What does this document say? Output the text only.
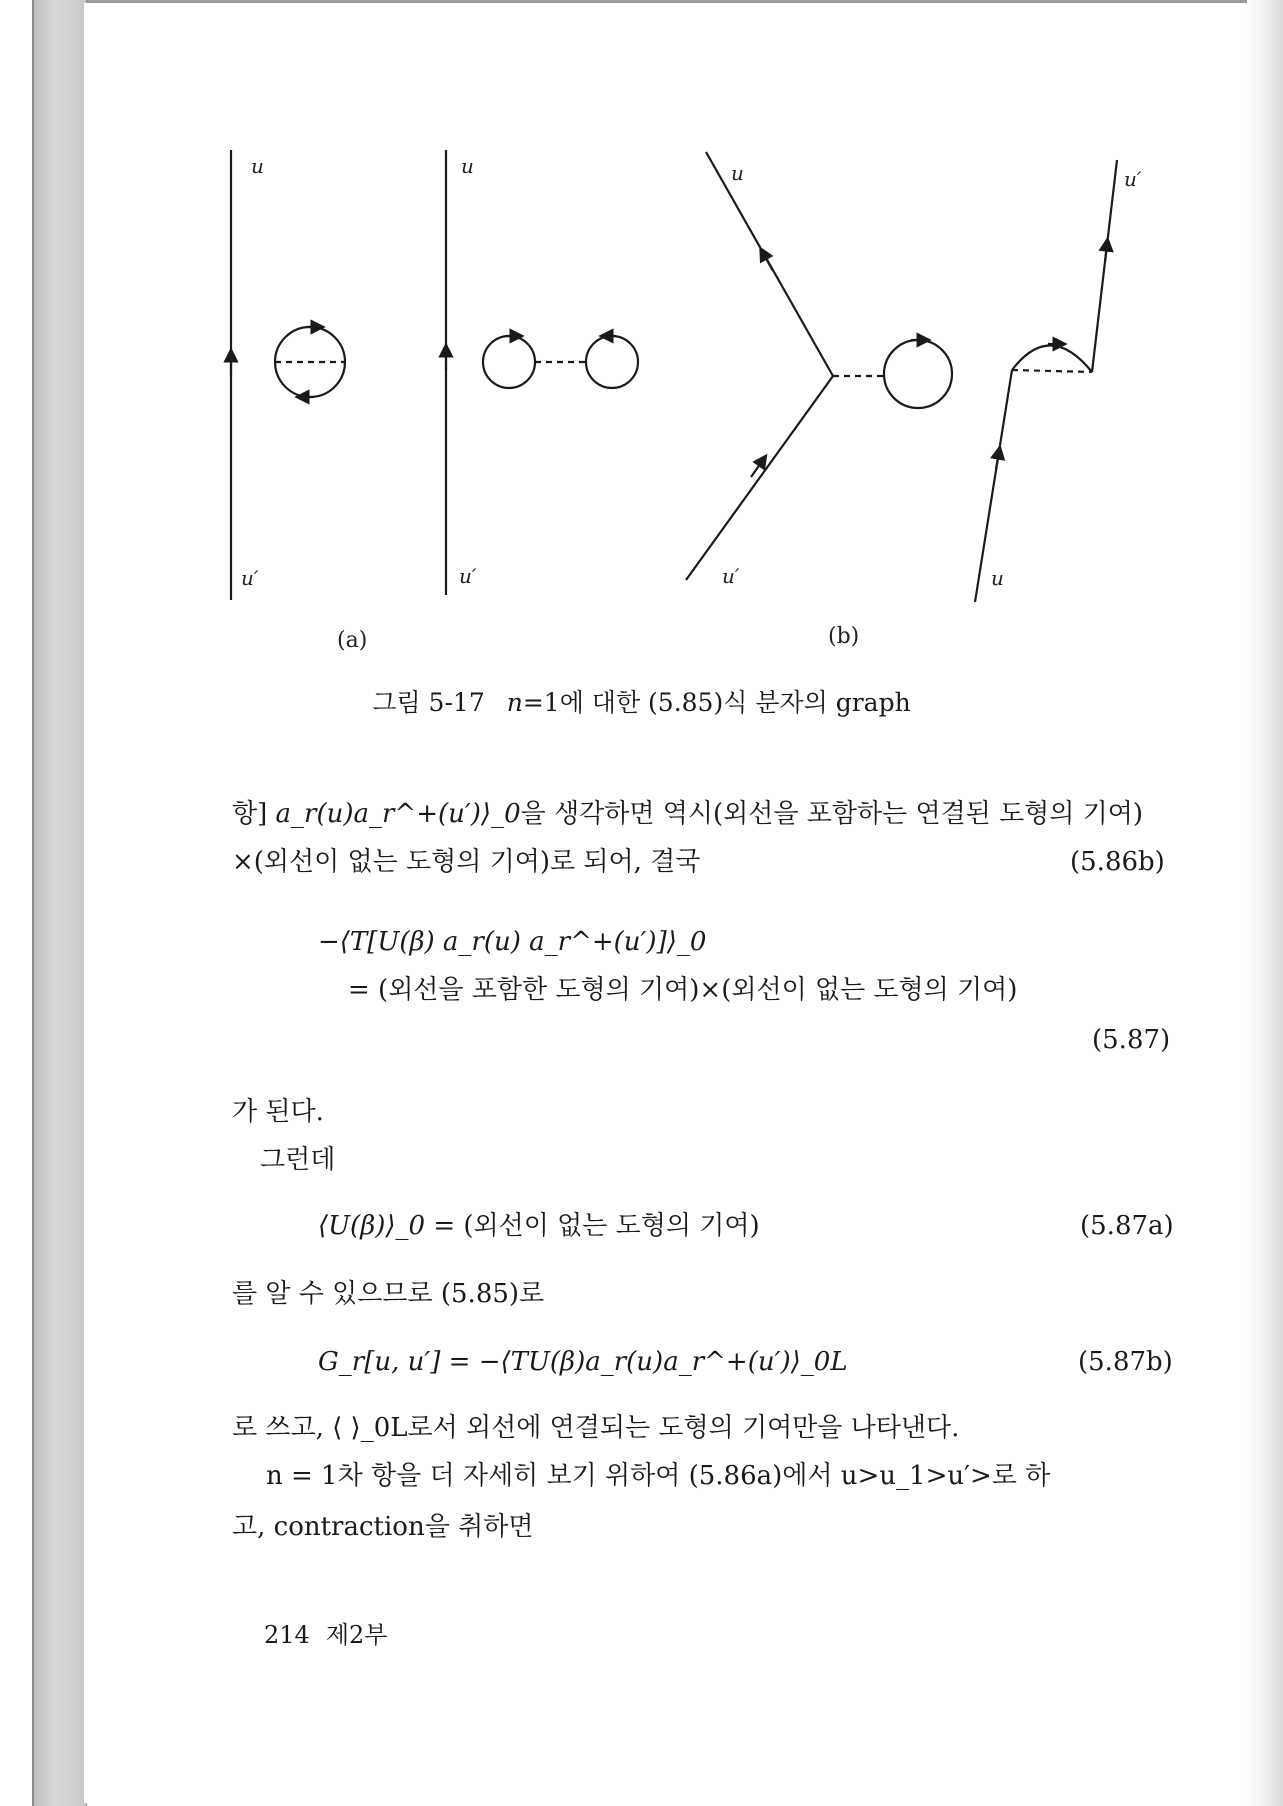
u
u′
u
u′
u
u′
u′
u
(a)	(b)
그림 5-17 n=1에 대한 (5.85)식 분자의 graph
항] a_r(u)a_r^+(u′)⟩_0을 생각하면 역시(외선을 포함하는 연결된 도형의 기여)
×(외선이 없는 도형의 기여)로 되어, 결국	(5.86b)
−⟨T[U(β) a_r(u) a_r^+(u′)]⟩_0
= (외선을 포함한 도형의 기여)×(외선이 없는 도형의 기여)
(5.87)
가 된다.
그런데
⟨U(β)⟩_0 = (외선이 없는 도형의 기여)	(5.87a)
를 알 수 있으므로 (5.85)로
G_r[u, u′] = −⟨TU(β)a_r(u)a_r^+(u′)⟩_0L	(5.87b)
로 쓰고, ⟨ ⟩_0L로서 외선에 연결되는 도형의 기여만을 나타낸다.
n = 1차 항을 더 자세히 보기 위하여 (5.86a)에서 u>u_1>u′>로 하
고, contraction을 취하면
214 제2부
